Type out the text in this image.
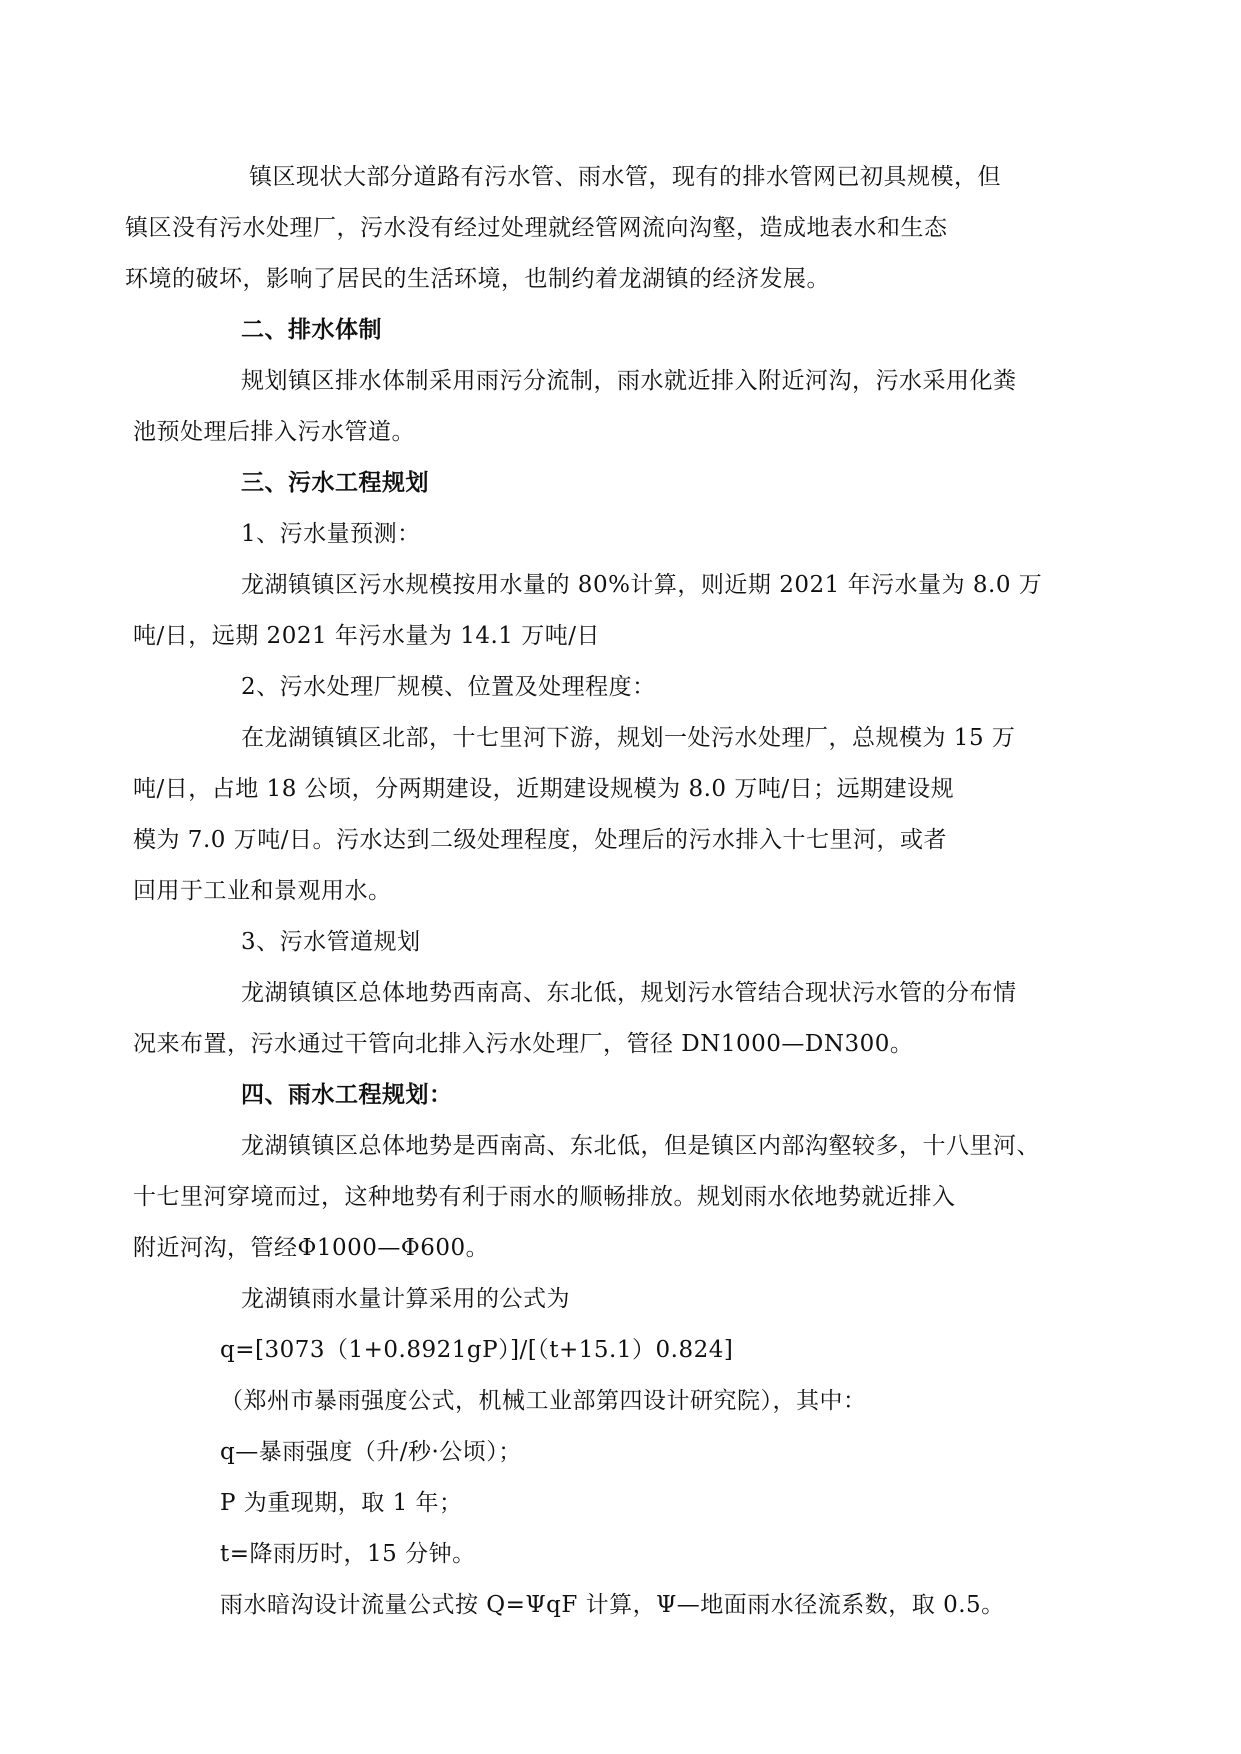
镇区现状大部分道路有污水管、雨水管，现有的排水管网已初具规模，但
镇区没有污水处理厂，污水没有经过处理就经管网流向沟壑，造成地表水和生态
环境的破坏，影响了居民的生活环境，也制约着龙湖镇的经济发展。

二、排水体制

规划镇区排水体制采用雨污分流制，雨水就近排入附近河沟，污水采用化粪
池预处理后排入污水管道。

三、污水工程规划

1、污水量预测：

龙湖镇镇区污水规模按用水量的 80%计算，则近期 2021 年污水量为 8.0 万
吨/日，远期 2021 年污水量为 14.1 万吨/日

2、污水处理厂规模、位置及处理程度：

在龙湖镇镇区北部，十七里河下游，规划一处污水处理厂，总规模为 15 万
吨/日，占地 18 公顷，分两期建设，近期建设规模为 8.0 万吨/日；远期建设规
模为 7.0 万吨/日。污水达到二级处理程度，处理后的污水排入十七里河，或者
回用于工业和景观用水。

3、污水管道规划

龙湖镇镇区总体地势西南高、东北低，规划污水管结合现状污水管的分布情
况来布置，污水通过干管向北排入污水处理厂，管径 DN1000—DN300。

四、雨水工程规划：

龙湖镇镇区总体地势是西南高、东北低，但是镇区内部沟壑较多，十八里河、
十七里河穿境而过，这种地势有利于雨水的顺畅排放。规划雨水依地势就近排入
附近河沟，管经Φ1000—Φ600。

龙湖镇雨水量计算采用的公式为

q=[3073（1+0.8921gP）]/[（t+15.1）0.824]

（郑州市暴雨强度公式，机械工业部第四设计研究院），其中：

q—暴雨强度（升/秒·公顷）；

P 为重现期，取 1 年；

t=降雨历时，15 分钟。

雨水暗沟设计流量公式按 Q=ΨqF 计算，Ψ—地面雨水径流系数，取 0.5。
